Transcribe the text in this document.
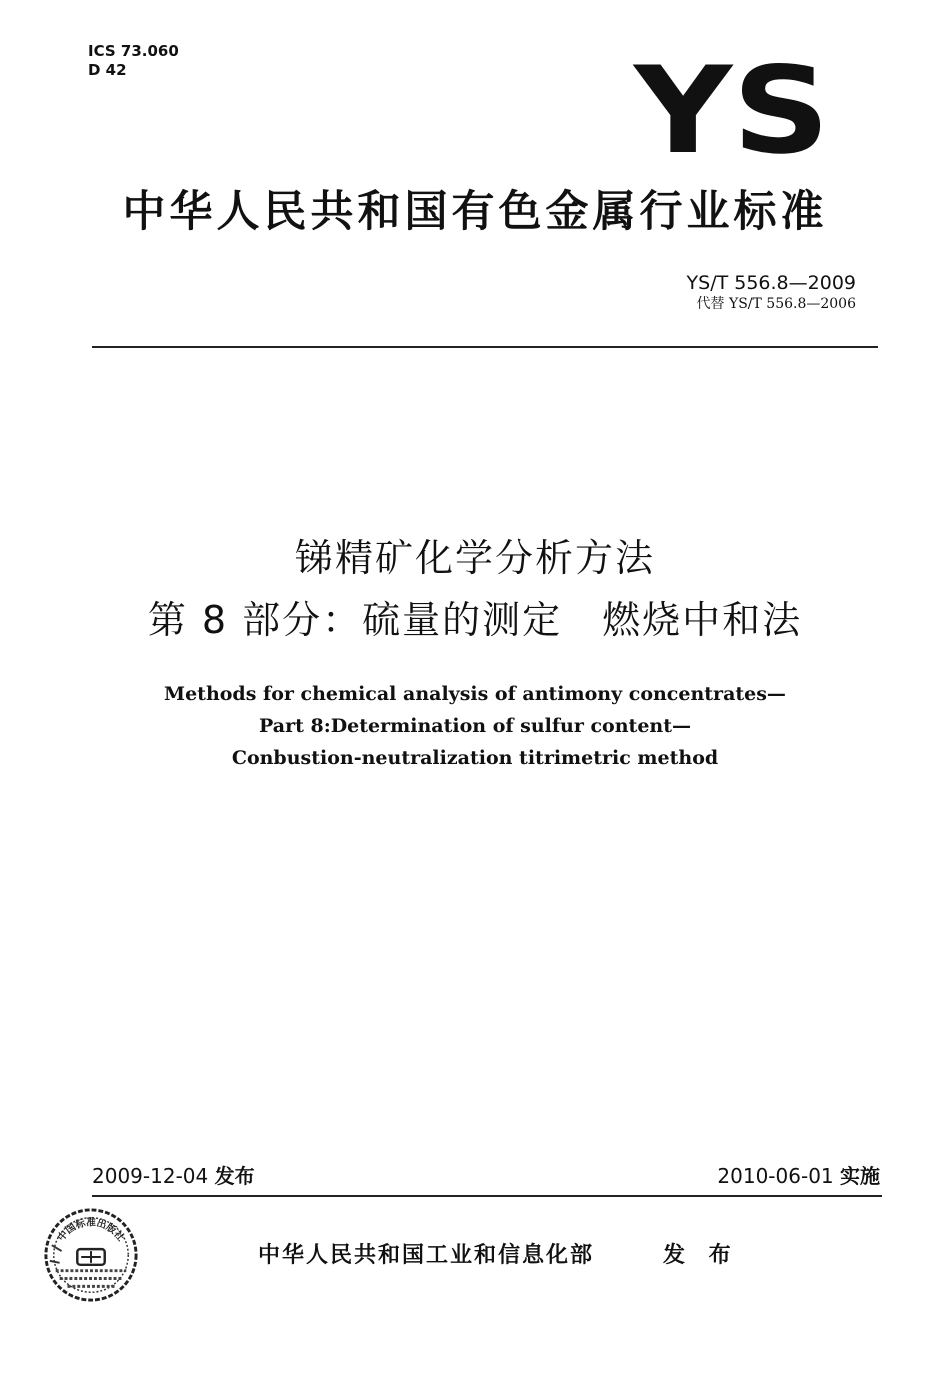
ICS 73.060
D 42	YS
中华人民共和国有色金属行业标准
YS/T 556.8—2009
代替 YS/T 556.8—2006
锑精矿化学分析方法
第 8 部分：硫量的测定　燃烧中和法
Methods for chemical analysis of antimony concentrates—
Part 8:Determination of sulfur content—
Conbustion-neutralization titrimetric method
2009-12-04 发布	2010-06-01 实施
中国标准出版社
中华人民共和国工业和信息化部	发 布
